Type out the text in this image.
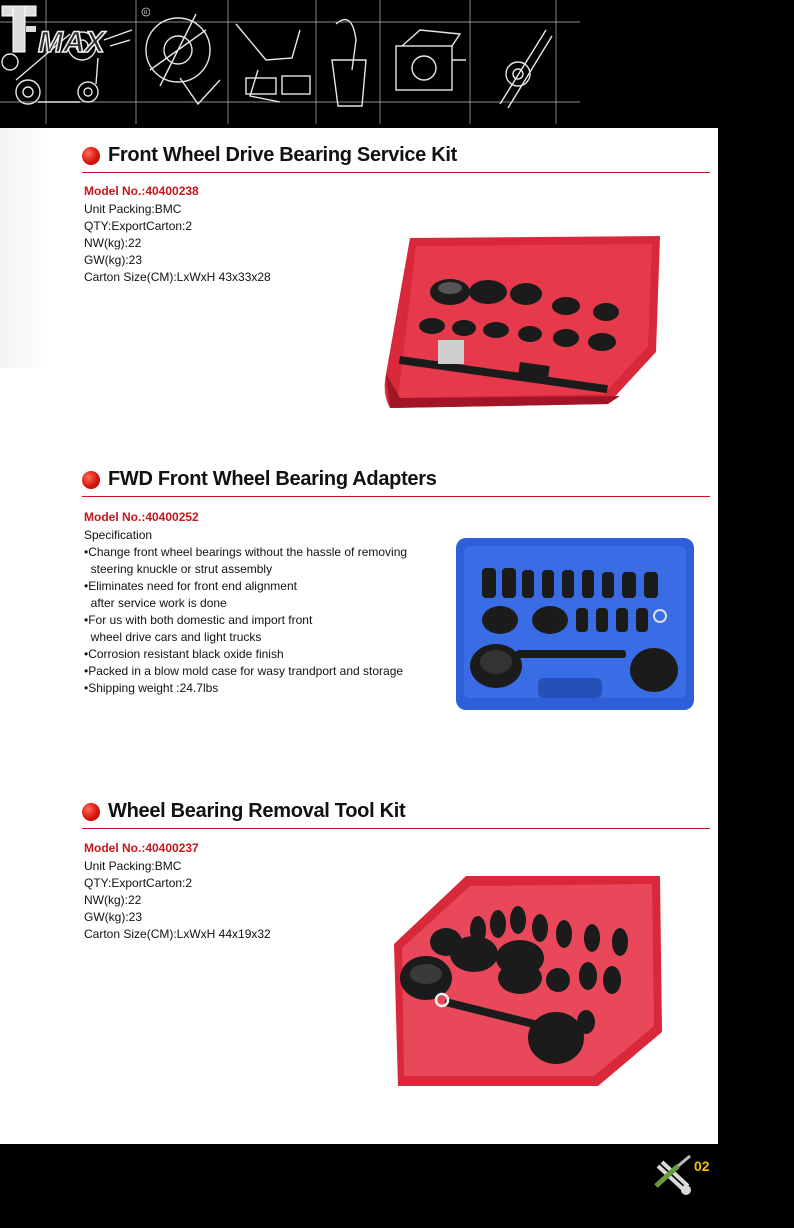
MAX
R
Front Wheel Drive Bearing Service Kit
Model No.:40400238
Unit Packing:BMC
QTY:ExportCarton:2
NW(kg):22
GW(kg):23
Carton Size(CM):LxWxH 43x33x28
FWD Front Wheel Bearing Adapters
Model No.:40400252
Specification
•Change front wheel bearings without the hassle of removing
steering knuckle or strut assembly
•Eliminates need for front end alignment
after service work is done
•For us with both domestic and import front
wheel drive cars and light trucks
•Corrosion resistant black oxide finish
•Packed in a blow mold case for wasy trandport and storage
•Shipping weight :24.7lbs
Wheel Bearing Removal Tool Kit
Model No.:40400237
Unit Packing:BMC
QTY:ExportCarton:2
NW(kg):22
GW(kg):23
Carton Size(CM):LxWxH 44x19x32
02
